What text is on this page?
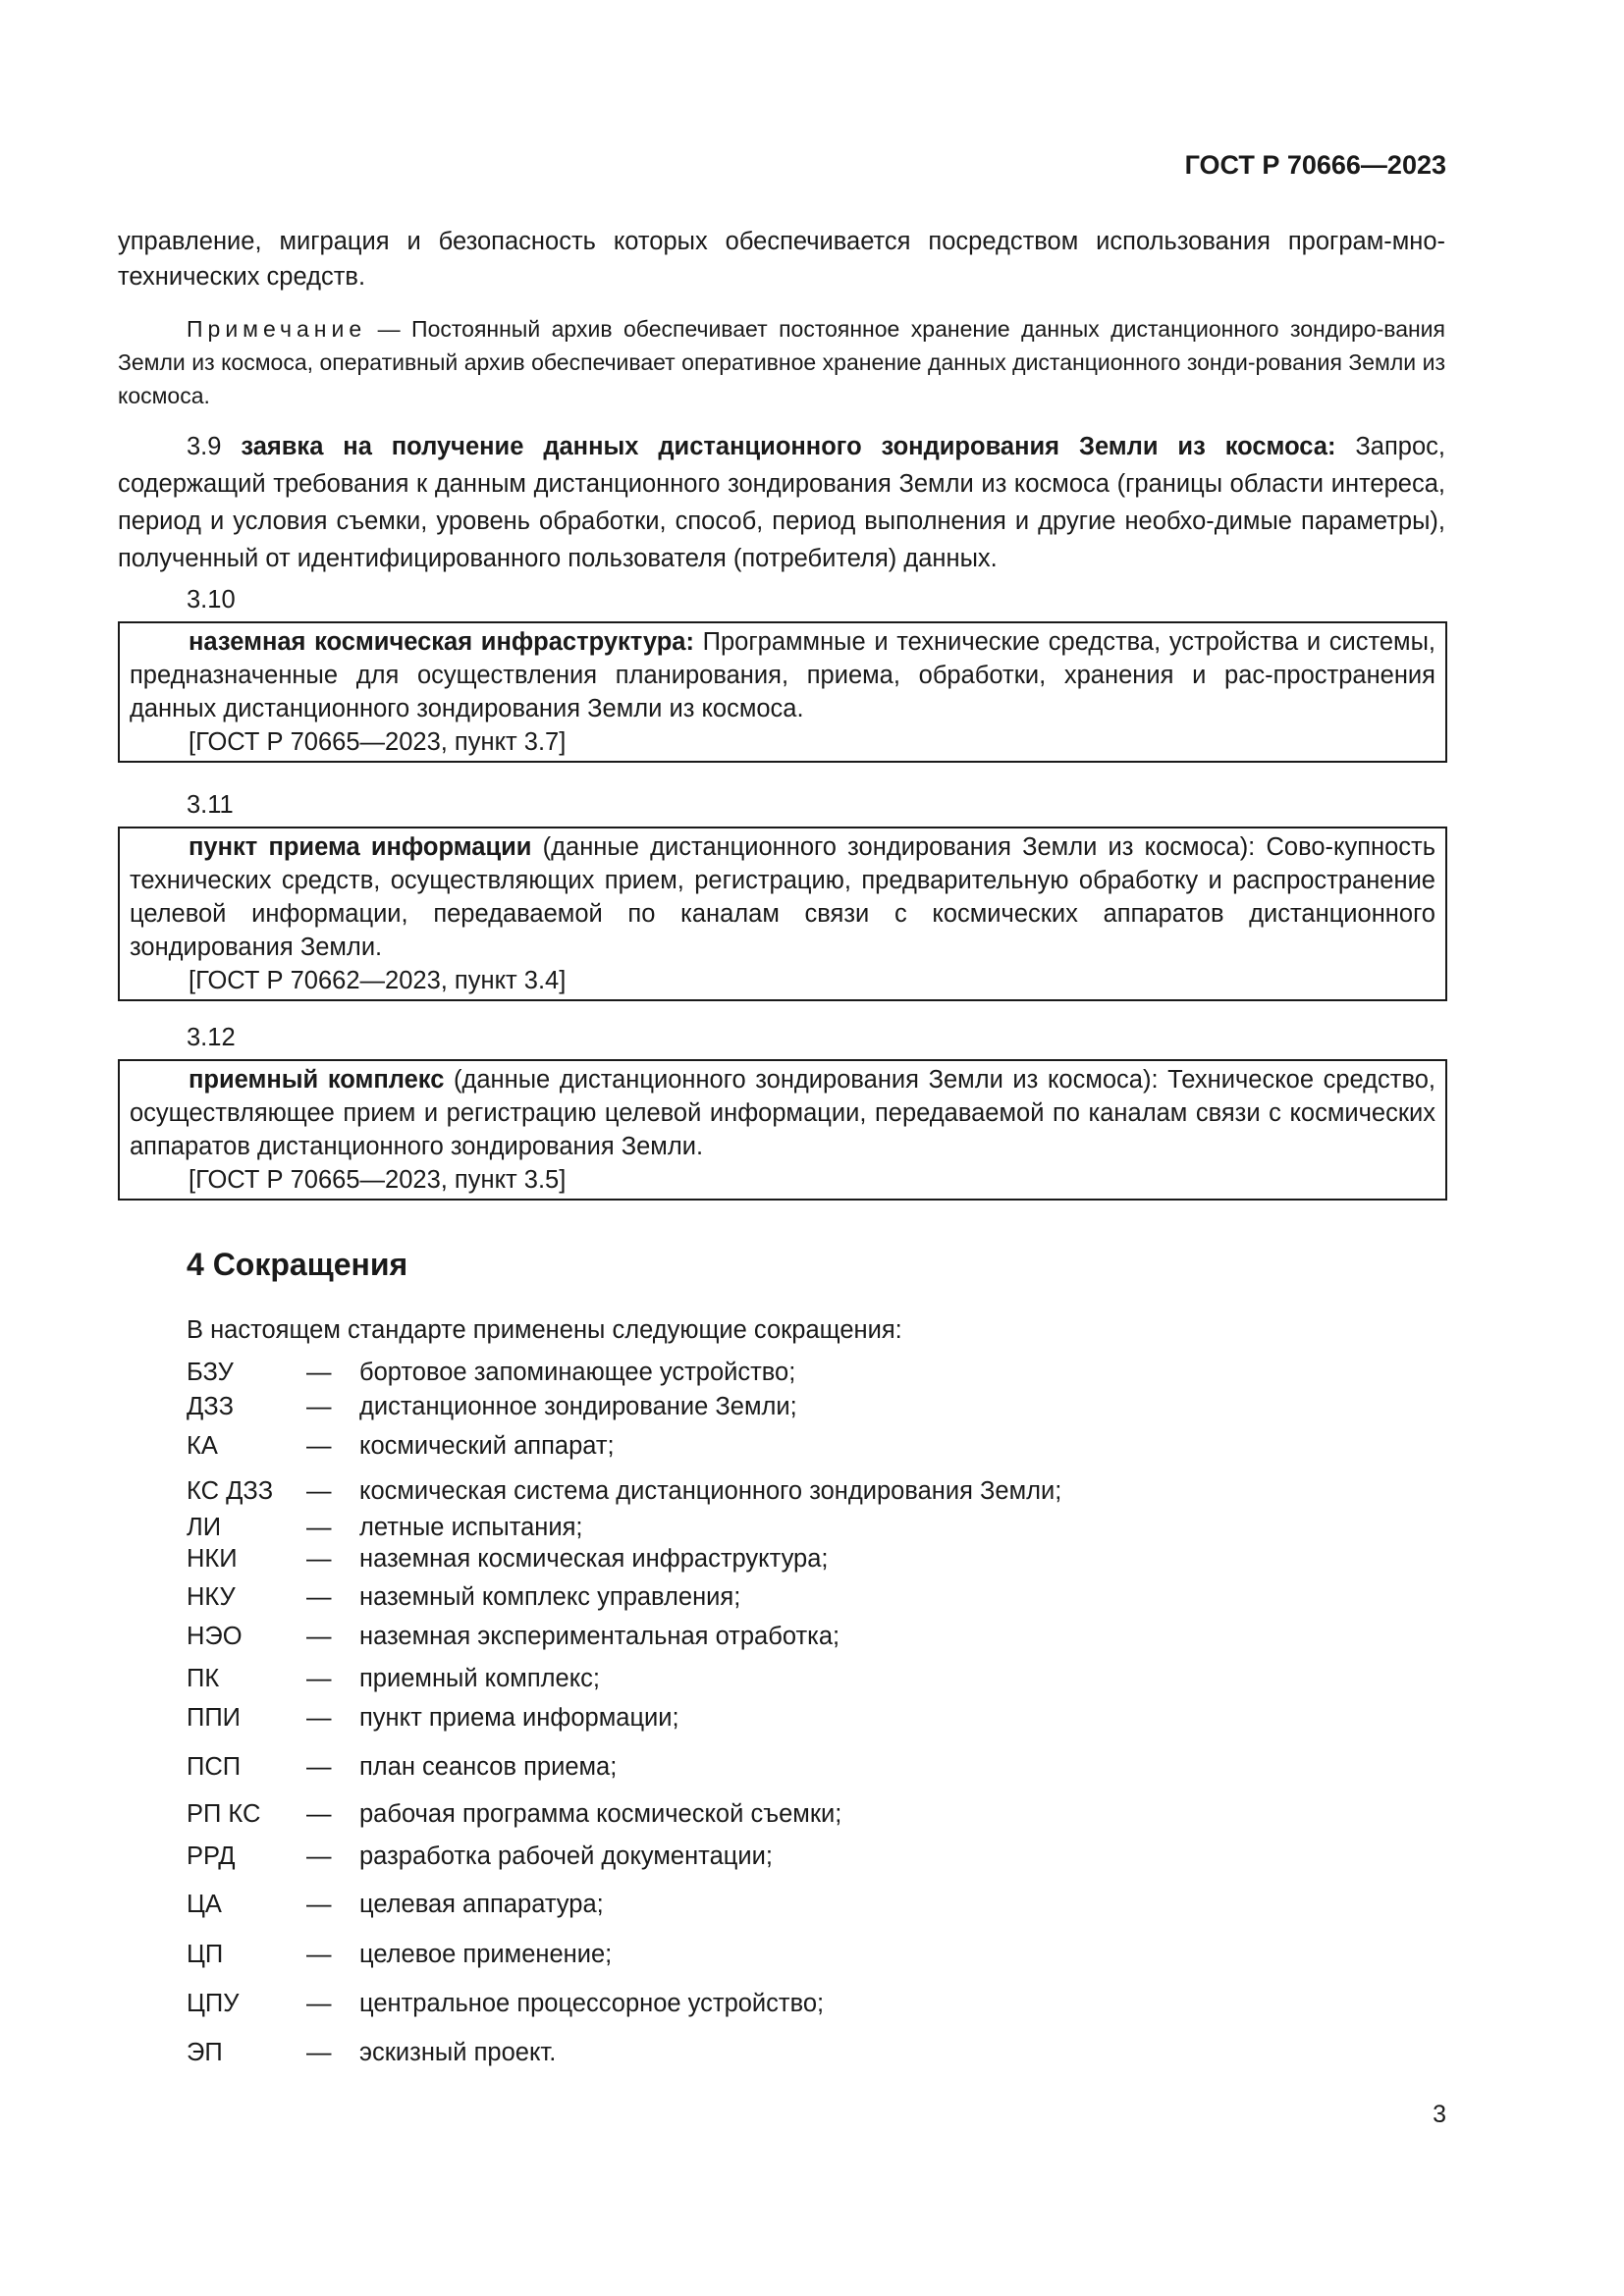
ГОСТ Р 70666—2023
управление, миграция и безопасность которых обеспечивается посредством использования програм-мно-технических средств.
Примечание — Постоянный архив обеспечивает постоянное хранение данных дистанционного зондиро-вания Земли из космоса, оперативный архив обеспечивает оперативное хранение данных дистанционного зонди-рования Земли из космоса.
3.9 заявка на получение данных дистанционного зондирования Земли из космоса: Запрос, содержащий требования к данным дистанционного зондирования Земли из космоса (границы области интереса, период и условия съемки, уровень обработки, способ, период выполнения и другие необхо-димые параметры), полученный от идентифицированного пользователя (потребителя) данных.
3.10
наземная космическая инфраструктура: Программные и технические средства, устройства и системы, предназначенные для осуществления планирования, приема, обработки, хранения и рас-пространения данных дистанционного зондирования Земли из космоса.
[ГОСТ Р 70665—2023, пункт 3.7]
3.11
пункт приема информации (данные дистанционного зондирования Земли из космоса): Сово-купность технических средств, осуществляющих прием, регистрацию, предварительную обработку и распространение целевой информации, передаваемой по каналам связи с космических аппаратов дистанционного зондирования Земли.
[ГОСТ Р 70662—2023, пункт 3.4]
3.12
приемный комплекс (данные дистанционного зондирования Земли из космоса): Техническое средство, осуществляющее прием и регистрацию целевой информации, передаваемой по каналам связи с космических аппаратов дистанционного зондирования Земли.
[ГОСТ Р 70665—2023, пункт 3.5]
4 Сокращения
В настоящем стандарте применены следующие сокращения:
БЗУ	— бортовое запоминающее устройство;
ДЗЗ	— дистанционное зондирование Земли;
КА	— космический аппарат;
КС ДЗЗ — космическая система дистанционного зондирования Земли;
ЛИ	— летные испытания;
НКИ	— наземная космическая инфраструктура;
НКУ	— наземный комплекс управления;
НЭО	— наземная экспериментальная отработка;
ПК	— приемный комплекс;
ППИ	— пункт приема информации;
ПСП	— план сеансов приема;
РП КС — рабочая программа космической съемки;
РРД	— разработка рабочей документации;
ЦА	— целевая аппаратура;
ЦП	— целевое применение;
ЦПУ	— центральное процессорное устройство;
ЭП	— эскизный проект.
3
